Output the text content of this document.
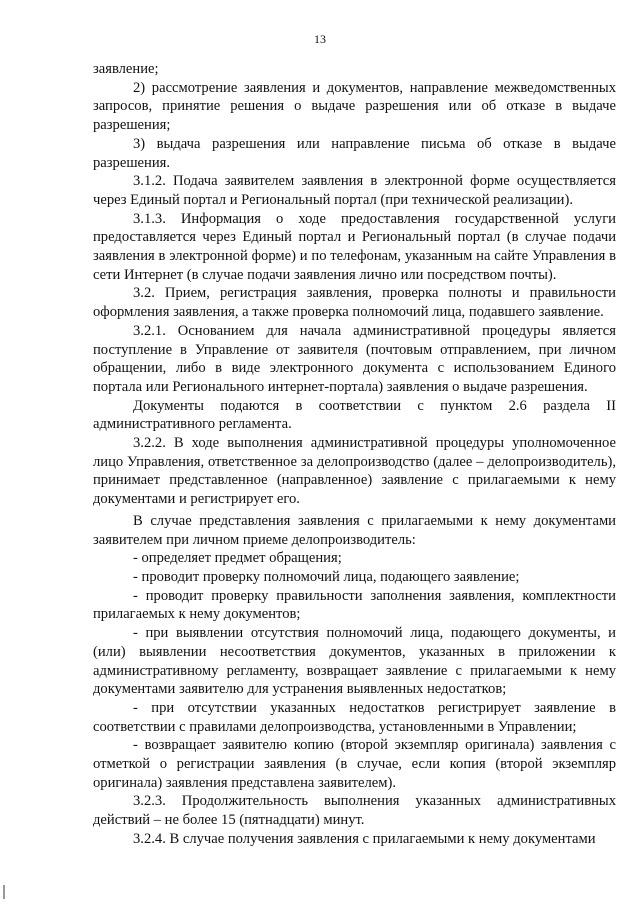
13

заявление;

2) рассмотрение заявления и документов, направление межведомственных запросов, принятие решения о выдаче разрешения или об отказе в выдаче разрешения;

3) выдача разрешения или направление письма об отказе в выдаче разрешения.

3.1.2. Подача заявителем заявления в электронной форме осуществляется через Единый портал и Региональный портал (при технической реализации).

3.1.3. Информация о ходе предоставления государственной услуги предоставляется через Единый портал и Региональный портал (в случае подачи заявления в электронной форме) и по телефонам, указанным на сайте Управления в сети Интернет (в случае подачи заявления лично или посредством почты).

3.2. Прием, регистрация заявления, проверка полноты и правильности оформления заявления, а также проверка полномочий лица, подавшего заявление.

3.2.1. Основанием для начала административной процедуры является поступление в Управление от заявителя (почтовым отправлением, при личном обращении, либо в виде электронного документа с использованием Единого портала или Регионального интернет-портала) заявления о выдаче разрешения.

Документы подаются в соответствии с пунктом 2.6 раздела II административного регламента.

3.2.2. В ходе выполнения административной процедуры уполномоченное лицо Управления, ответственное за делопроизводство (далее – делопроизводитель), принимает представленное (направленное) заявление с прилагаемыми к нему документами и регистрирует его.

В случае представления заявления с прилагаемыми к нему документами заявителем при личном приеме делопроизводитель:

- определяет предмет обращения;

- проводит проверку полномочий лица, подающего заявление;

- проводит проверку правильности заполнения заявления, комплектности прилагаемых к нему документов;

- при выявлении отсутствия полномочий лица, подающего документы, и (или) выявлении несоответствия документов, указанных в приложении к административному регламенту, возвращает заявление с прилагаемыми к нему документами заявителю для устранения выявленных недостатков;

- при отсутствии указанных недостатков регистрирует заявление в соответствии с правилами делопроизводства, установленными в Управлении;

- возвращает заявителю копию (второй экземпляр оригинала) заявления с отметкой о регистрации заявления (в случае, если копия (второй экземпляр оригинала) заявления представлена заявителем).

3.2.3. Продолжительность выполнения указанных административных действий – не более 15 (пятнадцати) минут.

3.2.4. В случае получения заявления с прилагаемыми к нему документами
